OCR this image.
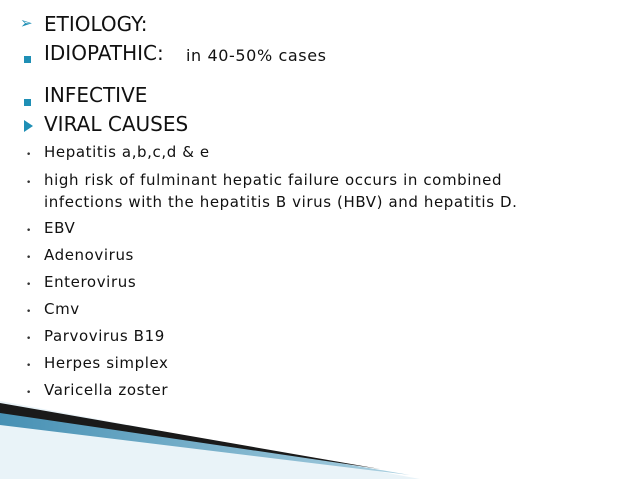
➢ ETIOLOGY:
IDIOPATHIC: in 40-50% cases
INFECTIVE
VIRAL CAUSES
• Hepatitis a,b,c,d & e
• high risk of fulminant hepatic failure occurs in combined
infections with the hepatitis B virus (HBV) and hepatitis D.
• EBV
• Adenovirus
• Enterovirus
• Cmv
• Parvovirus B19
• Herpes simplex
• Varicella zoster
